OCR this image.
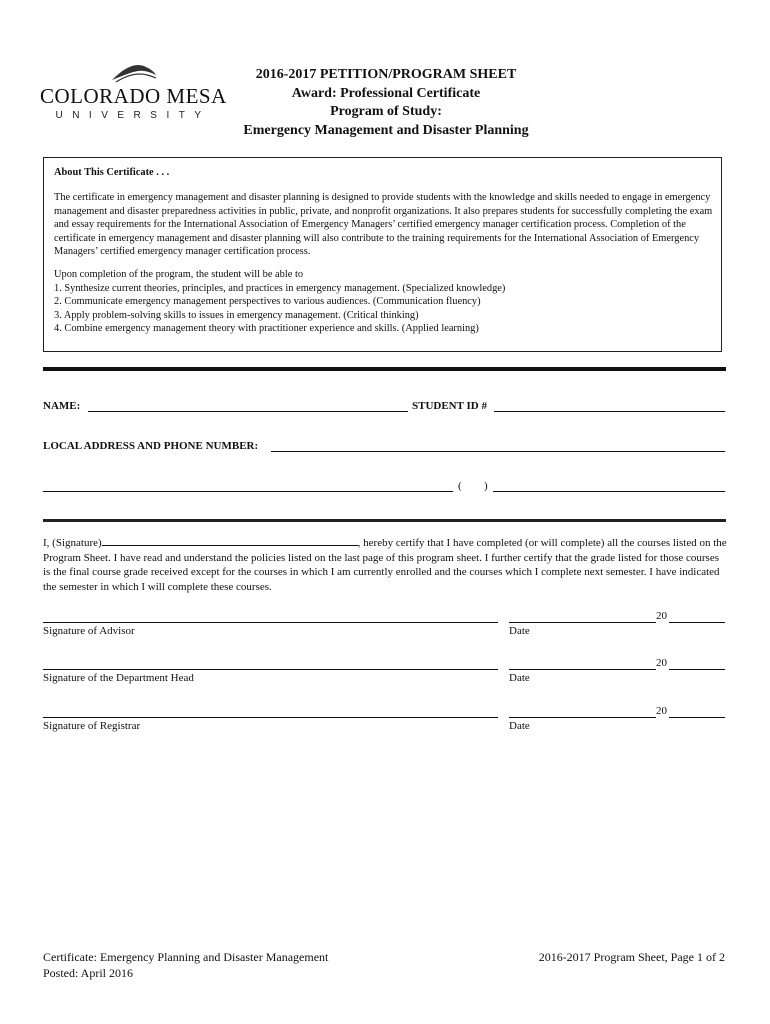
COLORADO MESA
UNIVERSITY
2016-2017 PETITION/PROGRAM SHEET
Award: Professional Certificate
Program of Study:
Emergency Management and Disaster Planning
About This Certificate . . .

The certificate in emergency management and disaster planning is designed to provide students with the knowledge and skills needed to engage in emergency management and disaster preparedness activities in public, private, and nonprofit organizations. It also prepares students for successfully completing the exam and essay requirements for the International Association of Emergency Managers’ certified emergency manager certification process. Completion of the certificate in emergency management and disaster planning will also contribute to the training requirements for the International Association of Emergency Managers’ certified emergency manager certification process.

Upon completion of the program, the student will be able to

1. Synthesize current theories, principles, and practices in emergency management. (Specialized knowledge)

2. Communicate emergency management perspectives to various audiences. (Communication fluency)

3. Apply problem-solving skills to issues in emergency management. (Critical thinking)

4. Combine emergency management theory with practitioner experience and skills. (Applied learning)

NAME:	STUDENT ID #
LOCAL ADDRESS AND PHONE NUMBER:
( )
I, (Signature)	, hereby certify that I have completed (or will complete) all the courses listed on the Program Sheet. I have read and understand the policies listed on the last page of this program sheet. I further certify that the grade listed for those courses is the final course grade received except for the courses in which I am currently enrolled and the courses which I complete next semester. I have indicated the semester in which I will complete these courses.
Signature of Advisor
20
Date
Signature of the Department Head
20
Date
Signature of Registrar
20
Date
Certificate: Emergency Planning and Disaster Management
Posted: April 2016
2016-2017 Program Sheet, Page 1 of 2
